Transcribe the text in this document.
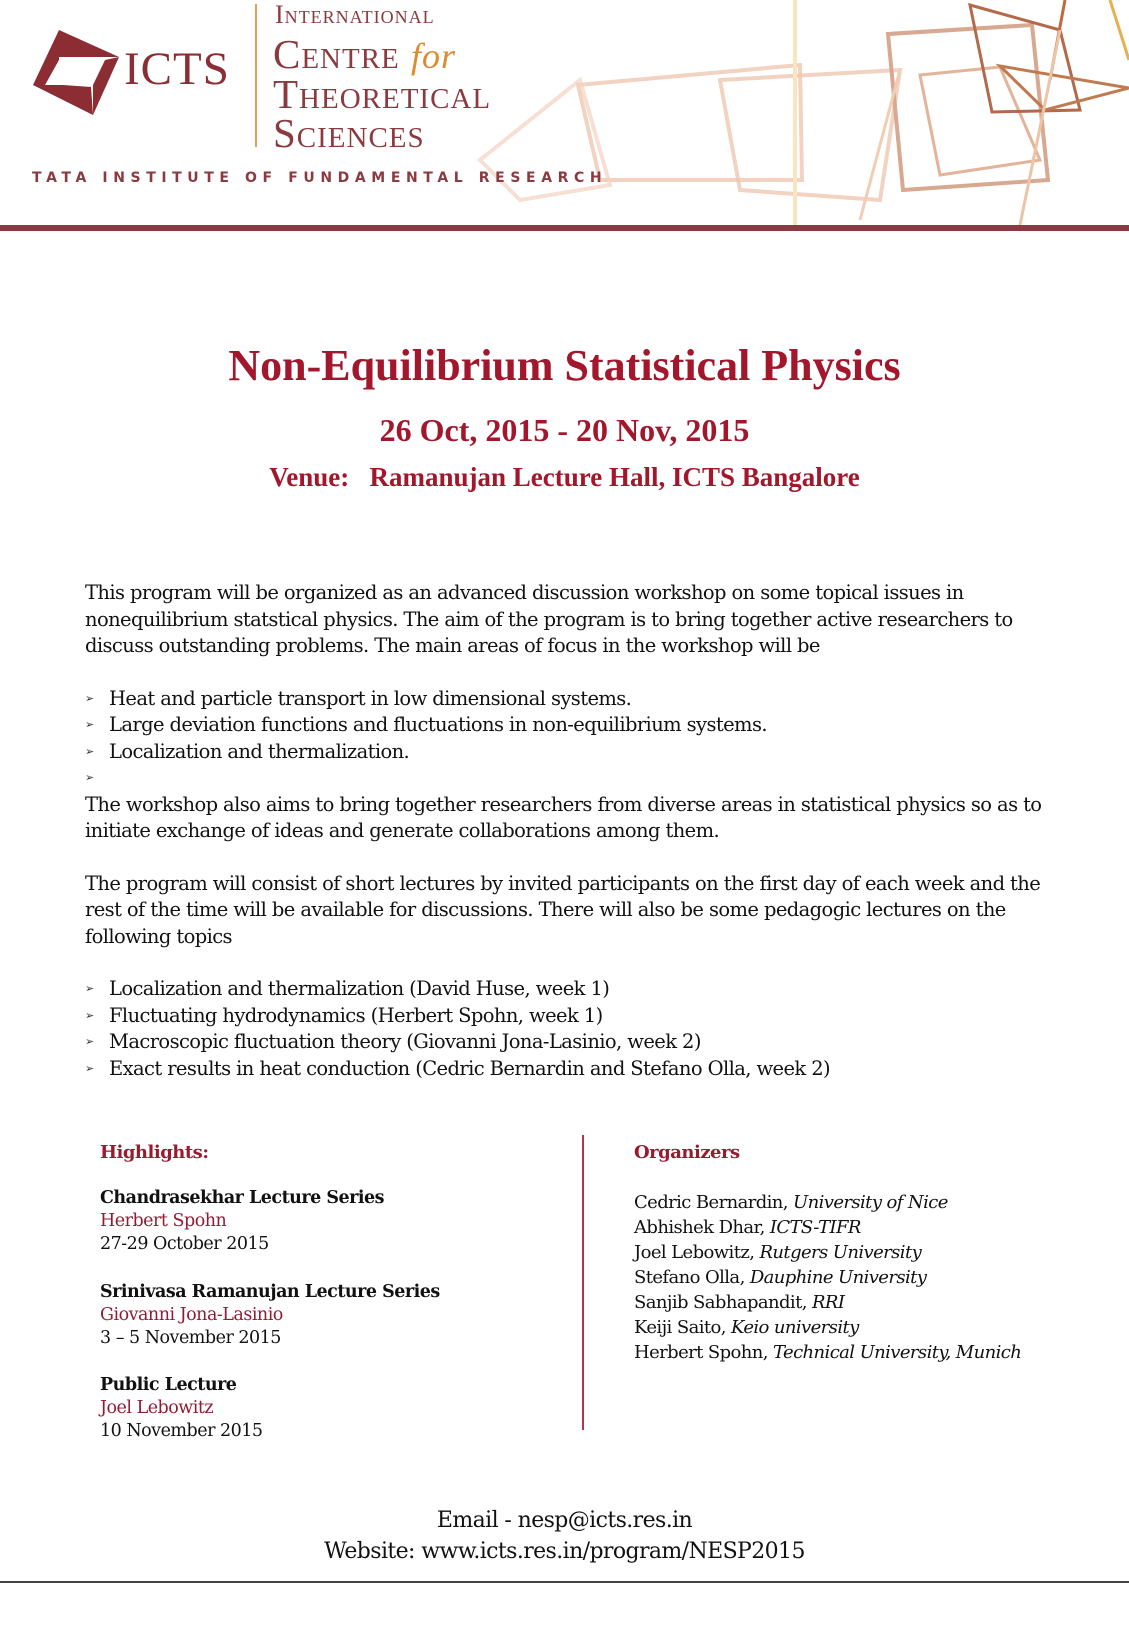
ICTS
International
Centre for
Theoretical
Sciences
TATA INSTITUTE OF FUNDAMENTAL RESEARCH
Non-Equilibrium Statistical Physics
26 Oct, 2015 - 20 Nov, 2015
Venue: Ramanujan Lecture Hall, ICTS Bangalore

This program will be organized as an advanced discussion workshop on some topical issues in nonequilibrium statstical physics. The aim of the program is to bring together active researchers to discuss outstanding problems. The main areas of focus in the workshop will be

➢ Heat and particle transport in low dimensional systems.
➢ Large deviation functions and fluctuations in non-equilibrium systems.
➢ Localization and thermalization.
➢

The workshop also aims to bring together researchers from diverse areas in statistical physics so as to initiate exchange of ideas and generate collaborations among them.

The program will consist of short lectures by invited participants on the first day of each week and the rest of the time will be available for discussions. There will also be some pedagogic lectures on the following topics

➢ Localization and thermalization (David Huse, week 1)
➢ Fluctuating hydrodynamics (Herbert Spohn, week 1)
➢ Macroscopic fluctuation theory (Giovanni Jona-Lasinio, week 2)
➢ Exact results in heat conduction (Cedric Bernardin and Stefano Olla, week 2)
Highlights:
Chandrasekhar Lecture Series
Herbert Spohn
27-29 October 2015
Srinivasa Ramanujan Lecture Series
Giovanni Jona-Lasinio
3 – 5 November 2015
Public Lecture
Joel Lebowitz
10 November 2015
Organizers
Cedric Bernardin, University of Nice
Abhishek Dhar, ICTS-TIFR
Joel Lebowitz, Rutgers University
Stefano Olla, Dauphine University
Sanjib Sabhapandit, RRI
Keiji Saito, Keio university
Herbert Spohn, Technical University, Munich
Email - nesp@icts.res.in
Website: www.icts.res.in/program/NESP2015
